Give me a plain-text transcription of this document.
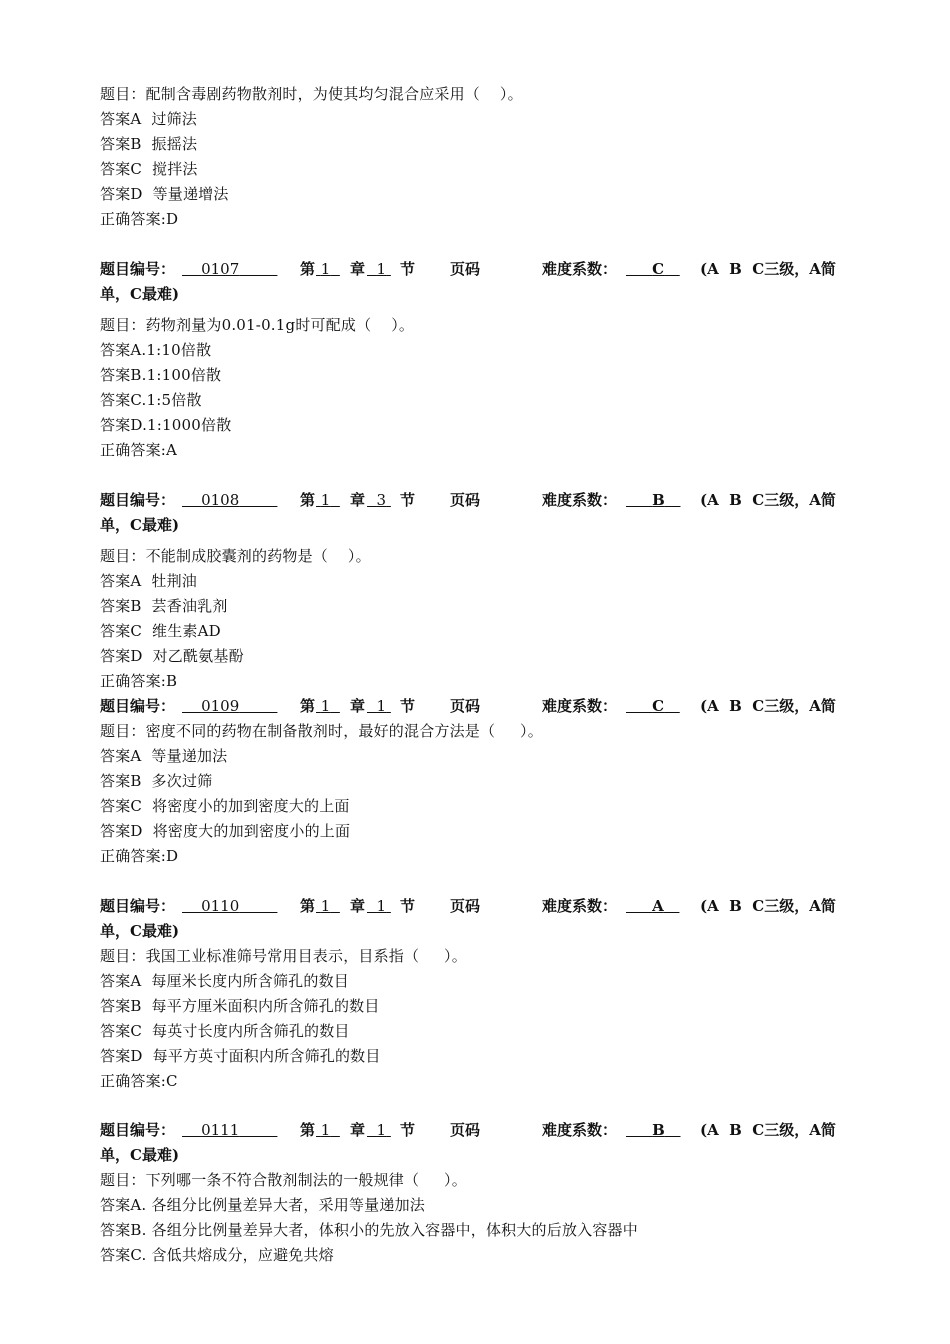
题目：配制含毒剧药物散剂时，为使其均匀混合应采用（    ）。
答案A  过筛法
答案B  振摇法
答案C  搅拌法
答案D  等量递增法
正确答案:D
题目编号：	0107	第 1	章 1 节 页码	难度系数：	C	(A  B  C三级，A简
单，C最难)
题目：药物剂量为0.01-0.1g时可配成（    ）。
答案A.1:10倍散
答案B.1:100倍散
答案C.1:5倍散
答案D.1:1000倍散
正确答案:A
题目编号：	0108	第 1	章 3 节 页码	难度系数：	B	(A  B  C三级，A简
单，C最难)
题目：不能制成胶囊剂的药物是（    ）。
答案A  牡荆油
答案B  芸香油乳剂
答案C  维生素AD
答案D  对乙酰氨基酚
正确答案:B
题目编号：	0109	第 1	章 1 节 页码	难度系数：	C	(A  B  C三级，A简
题目：密度不同的药物在制备散剂时，最好的混合方法是（     ）。
答案A  等量递加法
答案B  多次过筛
答案C  将密度小的加到密度大的上面
答案D  将密度大的加到密度小的上面
正确答案:D
题目编号：	0110	第 1	章 1 节 页码	难度系数：	A	(A  B  C三级，A简
单，C最难)
题目：我国工业标准筛号常用目表示，目系指（     ）。
答案A  每厘米长度内所含筛孔的数目
答案B  每平方厘米面积内所含筛孔的数目
答案C  每英寸长度内所含筛孔的数目
答案D  每平方英寸面积内所含筛孔的数目
正确答案:C
题目编号：	0111	第 1	章 1 节 页码	难度系数：	B	(A  B  C三级，A简
单，C最难)
题目：下列哪一条不符合散剂制法的一般规律（     ）。
答案A. 各组分比例量差异大者，采用等量递加法
答案B. 各组分比例量差异大者，体积小的先放入容器中，体积大的后放入容器中
答案C. 含低共熔成分，应避免共熔
